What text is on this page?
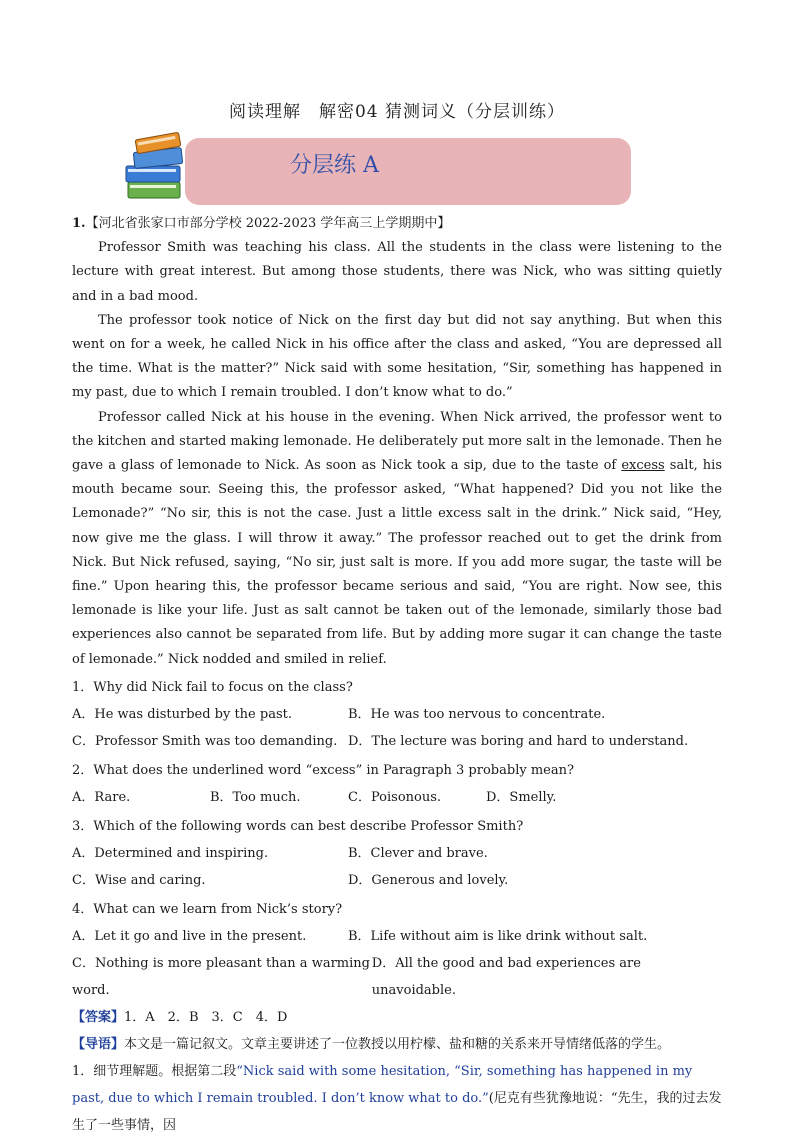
阅读理解　解密04 猜测词义（分层训练）
分层练 A
1.【河北省张家口市部分学校 2022-2023 学年高三上学期期中】

Professor Smith was teaching his class. All the students in the class were listening to the lecture with great interest. But among those students, there was Nick, who was sitting quietly and in a bad mood.

The professor took notice of Nick on the first day but did not say anything. But when this went on for a week, he called Nick in his office after the class and asked, “You are depressed all the time. What is the matter?” Nick said with some hesitation, “Sir, something has happened in my past, due to which I remain troubled. I don’t know what to do.”

Professor called Nick at his house in the evening. When Nick arrived, the professor went to the kitchen and started making lemonade. He deliberately put more salt in the lemonade. Then he gave a glass of lemonade to Nick. As soon as Nick took a sip, due to the taste of excess salt, his mouth became sour. Seeing this, the professor asked, “What happened? Did you not like the Lemonade?” “No sir, this is not the case. Just a little excess salt in the drink.” Nick said, “Hey, now give me the glass. I will throw it away.” The professor reached out to get the drink from Nick. But Nick refused, saying, “No sir, just salt is more. If you add more sugar, the taste will be fine.” Upon hearing this, the professor became serious and said, “You are right. Now see, this lemonade is like your life. Just as salt cannot be taken out of the lemonade, similarly those bad experiences also cannot be separated from life. But by adding more sugar it can change the taste of lemonade.” Nick nodded and smiled in relief.

1．Why did Nick fail to focus on the class?
A．He was disturbed by the past.	B．He was too nervous to concentrate.
C．Professor Smith was too demanding. D．The lecture was boring and hard to understand.
2．What does the underlined word “excess” in Paragraph 3 probably mean?
A．Rare.	B．Too much.	C．Poisonous.	D．Smelly.
3．Which of the following words can best describe Professor Smith?
A．Determined and inspiring.	B．Clever and brave.
C．Wise and caring.	D．Generous and lovely.
4．What can we learn from Nick’s story?
A．Let it go and live in the present.	B．Life without aim is like drink without salt.
C．Nothing is more pleasant than a warming word.
D．All the good and bad experiences are unavoidable.
【答案】1．A　2．B　3．C　4．D
【导语】本文是一篇记叙文。文章主要讲述了一位教授以用柠檬、盐和糖的关系来开导情绪低落的学生。
1．细节理解题。根据第二段“Nick said with some hesitation, “Sir, something has happened in my past, due to which I remain troubled. I don’t know what to do.”(尼克有些犹豫地说：“先生，我的过去发生了一些事情，因
